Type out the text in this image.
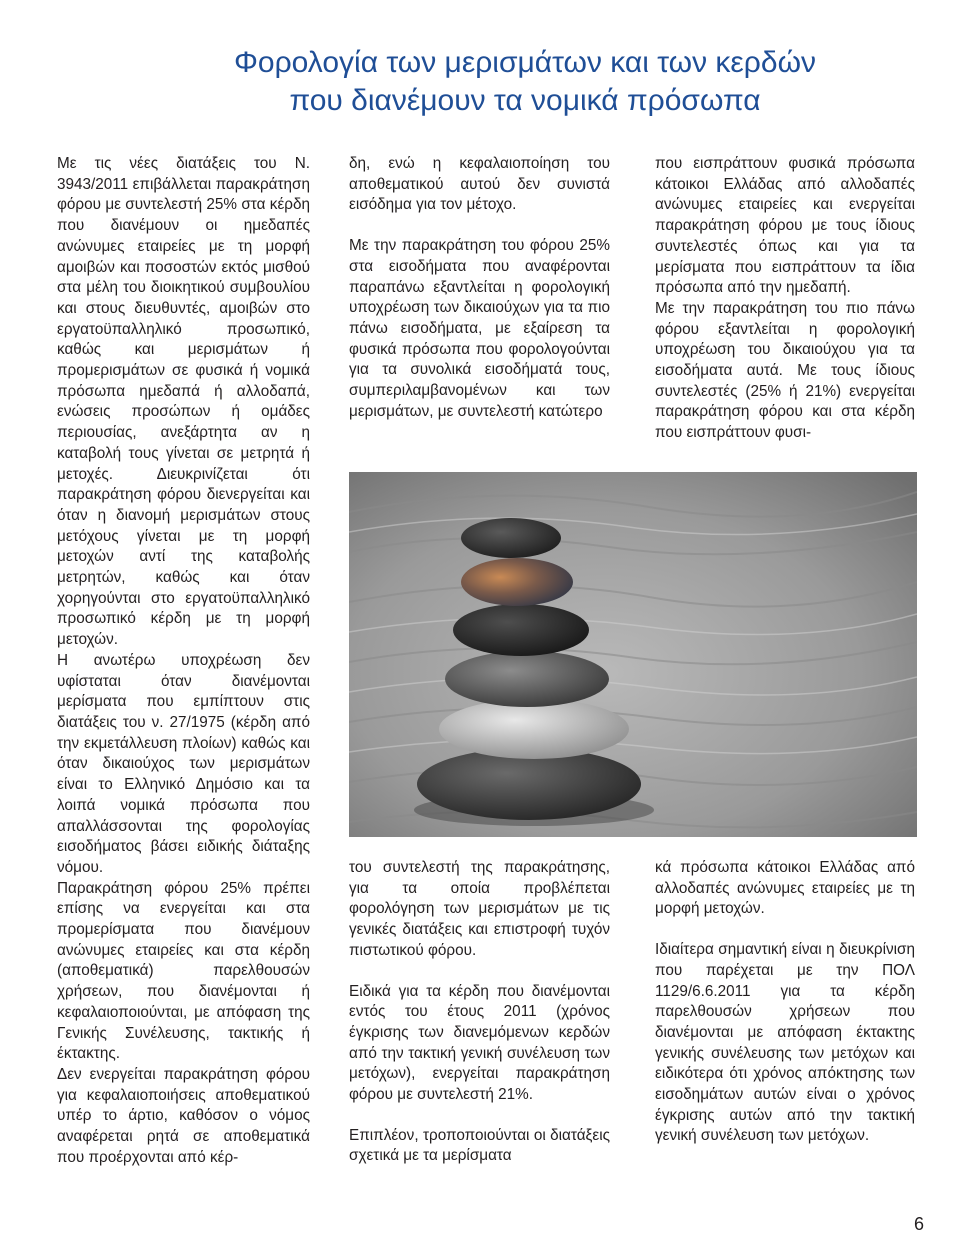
Φορολογία των μερισμάτων και των κερδών
που διανέμουν τα νομικά πρόσωπα

Με τις νέες διατάξεις του Ν. 3943/2011 επιβάλλεται παρακράτηση φόρου με συντελεστή 25% στα κέρδη που διανέμουν οι ημεδαπές ανώνυμες εταιρείες με τη μορφή αμοιβών και ποσοστών εκτός μισθού στα μέλη του διοικητικού συμβουλίου και στους διευθυντές, αμοιβών στο εργατοϋπαλληλικό προσωπικό, καθώς και μερισμάτων ή προμερισμάτων σε φυσικά ή νομικά πρόσωπα ημεδαπά ή αλλοδαπά, ενώσεις προσώπων ή ομάδες περιουσίας, ανεξάρτητα αν η καταβολή τους γίνεται σε μετρητά ή μετοχές. Διευκρινίζεται ότι παρακράτηση φόρου διενεργείται και όταν η διανομή μερισμάτων στους μετόχους γίνεται με τη μορφή μετοχών αντί της καταβολής μετρητών, καθώς και όταν χορηγούνται στο εργατοϋπαλληλικό προσωπικό κέρδη με τη μορφή μετοχών.

Η ανωτέρω υποχρέωση δεν υφίσταται όταν διανέμονται μερίσματα που εμπίπτουν στις διατάξεις του ν. 27/1975 (κέρδη από την εκμετάλλευση πλοίων) καθώς και όταν δικαιούχος των μερισμάτων είναι το Ελληνικό Δημόσιο και τα λοιπά νομικά πρόσωπα που απαλλάσσονται της φορολογίας εισοδήματος βάσει ειδικής διάταξης νόμου.

Παρακράτηση φόρου 25% πρέπει επίσης να ενεργείται και στα προμερίσματα που διανέμουν ανώνυμες εταιρείες και στα κέρδη (αποθεματικά) παρελθουσών χρήσεων, που διανέμονται ή κεφαλαιοποιούνται, με απόφαση της Γενικής Συνέλευσης, τακτικής ή έκτακτης.

Δεν ενεργείται παρακράτηση φόρου για κεφαλαιοποιήσεις αποθεματικού υπέρ το άρτιο, καθόσον ο νόμος αναφέρεται ρητά σε αποθεματικά που προέρχονται από κέρ-

δη, ενώ η κεφαλαιοποίηση του αποθεματικού αυτού δεν συνιστά εισόδημα για τον μέτοχο.

Με την παρακράτηση του φόρου 25% στα εισοδήματα που αναφέρονται παραπάνω εξαντλείται η φορολογική υποχρέωση των δικαιούχων για τα πιο πάνω εισοδήματα, με εξαίρεση τα φυσικά πρόσωπα που φορολογούνται για τα συνολικά εισοδήματά τους, συμπεριλαμβανομένων και των μερισμάτων, με συντελεστή κατώτερο

που εισπράττουν φυσικά πρόσωπα κάτοικοι Ελλάδας από αλλοδαπές ανώνυμες εταιρείες και ενεργείται παρακράτηση φόρου με τους ίδιους συντελεστές όπως και για τα μερίσματα που εισπράττουν τα ίδια πρόσωπα από την ημεδαπή.

Με την παρακράτηση του πιο πάνω φόρου εξαντλείται η φορολογική υποχρέωση του δικαιούχου για τα εισοδήματα αυτά. Με τους ίδιους συντελεστές (25% ή 21%) ενεργείται παρακράτηση φόρου και στα κέρδη που εισπράττουν φυσι-

του συντελεστή της παρακράτησης, για τα οποία προβλέπεται φορολόγηση των μερισμάτων με τις γενικές διατάξεις και επιστροφή τυχόν πιστωτικού φόρου.

Ειδικά για τα κέρδη που διανέμονται εντός του έτους 2011 (χρόνος έγκρισης των διανεμόμενων κερδών από την τακτική γενική συνέλευση των μετόχων), ενεργείται παρακράτηση φόρου με συντελεστή 21%.

Επιπλέον, τροποποιούνται οι διατάξεις σχετικά με τα μερίσματα

κά πρόσωπα κάτοικοι Ελλάδας από αλλοδαπές ανώνυμες εταιρείες με τη μορφή μετοχών.

Ιδιαίτερα σημαντική είναι η διευκρίνιση που παρέχεται με την ΠΟΛ 1129/6.6.2011 για τα κέρδη παρελθουσών χρήσεων που διανέμονται με απόφαση έκτακτης γενικής συνέλευσης των μετόχων και ειδικότερα ότι χρόνος απόκτησης των εισοδημάτων αυτών είναι ο χρόνος έγκρισης αυτών από την τακτική γενική συνέλευση των μετόχων.

6
